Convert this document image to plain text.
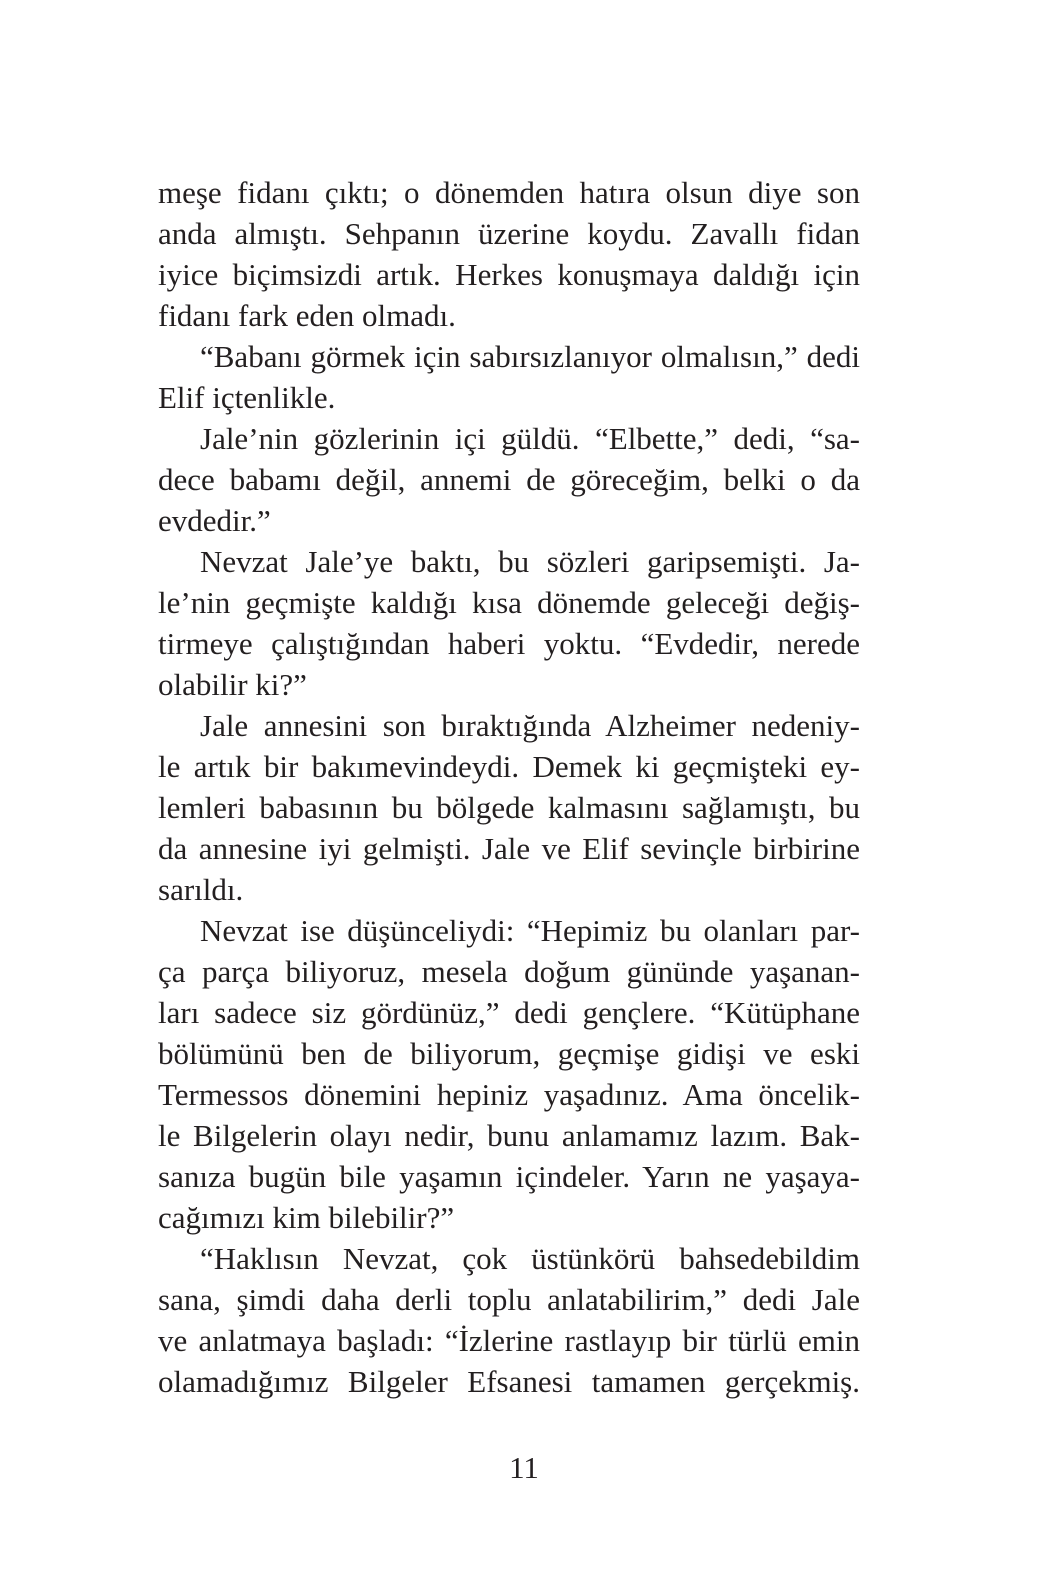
meşe fidanı çıktı; o dönemden hatıra olsun diye son
anda almıştı. Sehpanın üzerine koydu. Zavallı fidan
iyice biçimsizdi artık. Herkes konuşmaya daldığı için
fidanı fark eden olmadı.
“Babanı görmek için sabırsızlanıyor olmalısın,” dedi
Elif içtenlikle.
Jale’nin gözlerinin içi güldü. “Elbette,” dedi, “sa-
dece babamı değil, annemi de göreceğim, belki o da
evdedir.”
Nevzat Jale’ye baktı, bu sözleri garipsemişti. Ja-
le’nin geçmişte kaldığı kısa dönemde geleceği değiş-
tirmeye çalıştığından haberi yoktu. “Evdedir, nerede
olabilir ki?”
Jale annesini son bıraktığında Alzheimer nedeniy-
le artık bir bakımevindeydi. Demek ki geçmişteki ey-
lemleri babasının bu bölgede kalmasını sağlamıştı, bu
da annesine iyi gelmişti. Jale ve Elif sevinçle birbirine
sarıldı.
Nevzat ise düşünceliydi: “Hepimiz bu olanları par-
ça parça biliyoruz, mesela doğum gününde yaşanan-
ları sadece siz gördünüz,” dedi gençlere. “Kütüphane
bölümünü ben de biliyorum, geçmişe gidişi ve eski
Termessos dönemini hepiniz yaşadınız. Ama öncelik-
le Bilgelerin olayı nedir, bunu anlamamız lazım. Bak-
sanıza bugün bile yaşamın içindeler. Yarın ne yaşaya-
cağımızı kim bilebilir?”
“Haklısın Nevzat, çok üstünkörü bahsedebildim
sana, şimdi daha derli toplu anlatabilirim,” dedi Jale
ve anlatmaya başladı: “İzlerine rastlayıp bir türlü emin
olamadığımız Bilgeler Efsanesi tamamen gerçekmiş.
11
